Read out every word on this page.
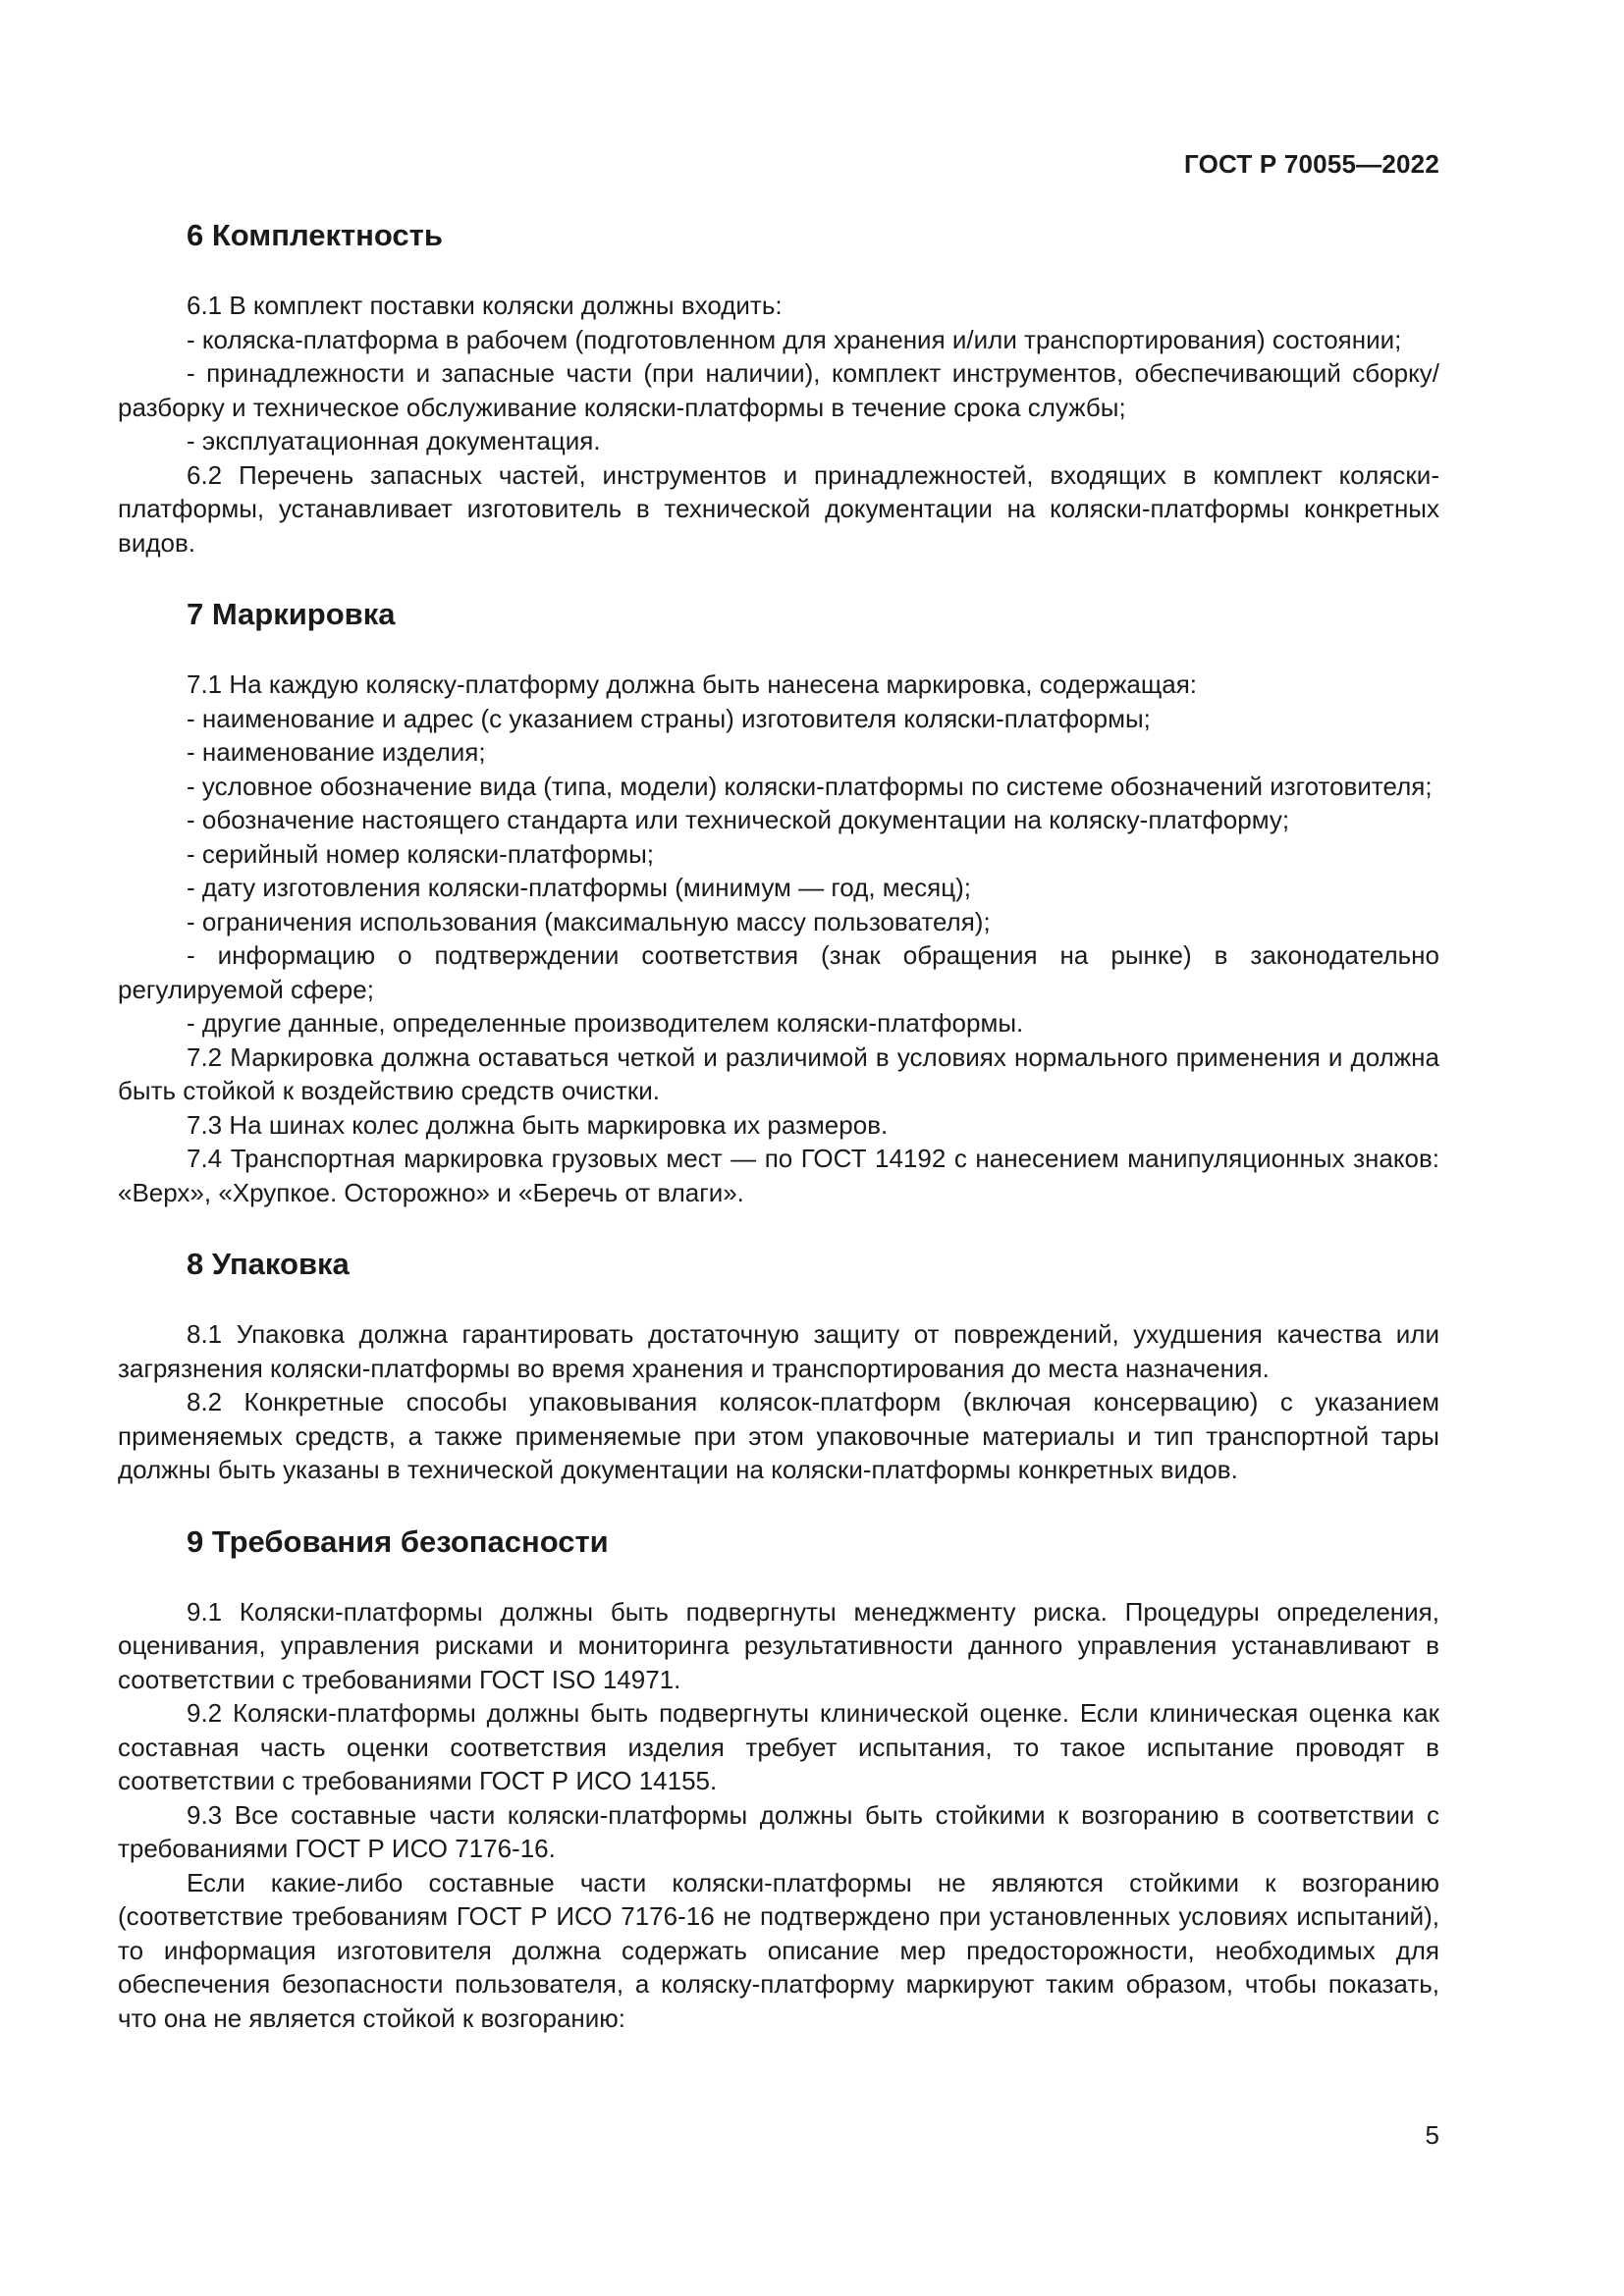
ГОСТ Р 70055—2022
6 Комплектность

6.1 В комплект поставки коляски должны входить:

- коляска-платформа в рабочем (подготовленном для хранения и/или транспортирования) состоянии;

- принадлежности и запасные части (при наличии), комплект инструментов, обеспечивающий сборку/разборку и техническое обслуживание коляски-платформы в течение срока службы;

- эксплуатационная документация.

6.2 Перечень запасных частей, инструментов и принадлежностей, входящих в комплект коляски-платформы, устанавливает изготовитель в технической документации на коляски-платформы конкретных видов.

7 Маркировка

7.1 На каждую коляску-платформу должна быть нанесена маркировка, содержащая:

- наименование и адрес (с указанием страны) изготовителя коляски-платформы;

- наименование изделия;

- условное обозначение вида (типа, модели) коляски-платформы по системе обозначений изготовителя;

- обозначение настоящего стандарта или технической документации на коляску-платформу;

- серийный номер коляски-платформы;

- дату изготовления коляски-платформы (минимум — год, месяц);

- ограничения использования (максимальную массу пользователя);

- информацию о подтверждении соответствия (знак обращения на рынке) в законодательно регулируемой сфере;

- другие данные, определенные производителем коляски-платформы.

7.2 Маркировка должна оставаться четкой и различимой в условиях нормального применения и должна быть стойкой к воздействию средств очистки.

7.3 На шинах колес должна быть маркировка их размеров.

7.4 Транспортная маркировка грузовых мест — по ГОСТ 14192 с нанесением манипуляционных знаков: «Верх», «Хрупкое. Осторожно» и «Беречь от влаги».

8 Упаковка

8.1 Упаковка должна гарантировать достаточную защиту от повреждений, ухудшения качества или загрязнения коляски-платформы во время хранения и транспортирования до места назначения.

8.2 Конкретные способы упаковывания колясок-платформ (включая консервацию) с указанием применяемых средств, а также применяемые при этом упаковочные материалы и тип транспортной тары должны быть указаны в технической документации на коляски-платформы конкретных видов.

9 Требования безопасности

9.1 Коляски-платформы должны быть подвергнуты менеджменту риска. Процедуры определения, оценивания, управления рисками и мониторинга результативности данного управления устанавливают в соответствии с требованиями ГОСТ ISO 14971.

9.2 Коляски-платформы должны быть подвергнуты клинической оценке. Если клиническая оценка как составная часть оценки соответствия изделия требует испытания, то такое испытание проводят в соответствии с требованиями ГОСТ Р ИСО 14155.

9.3 Все составные части коляски-платформы должны быть стойкими к возгоранию в соответствии с требованиями ГОСТ Р ИСО 7176-16.

Если какие-либо составные части коляски-платформы не являются стойкими к возгоранию (соответствие требованиям ГОСТ Р ИСО 7176-16 не подтверждено при установленных условиях испытаний), то информация изготовителя должна содержать описание мер предосторожности, необходимых для обеспечения безопасности пользователя, а коляску-платформу маркируют таким образом, чтобы показать, что она не является стойкой к возгоранию:

5
